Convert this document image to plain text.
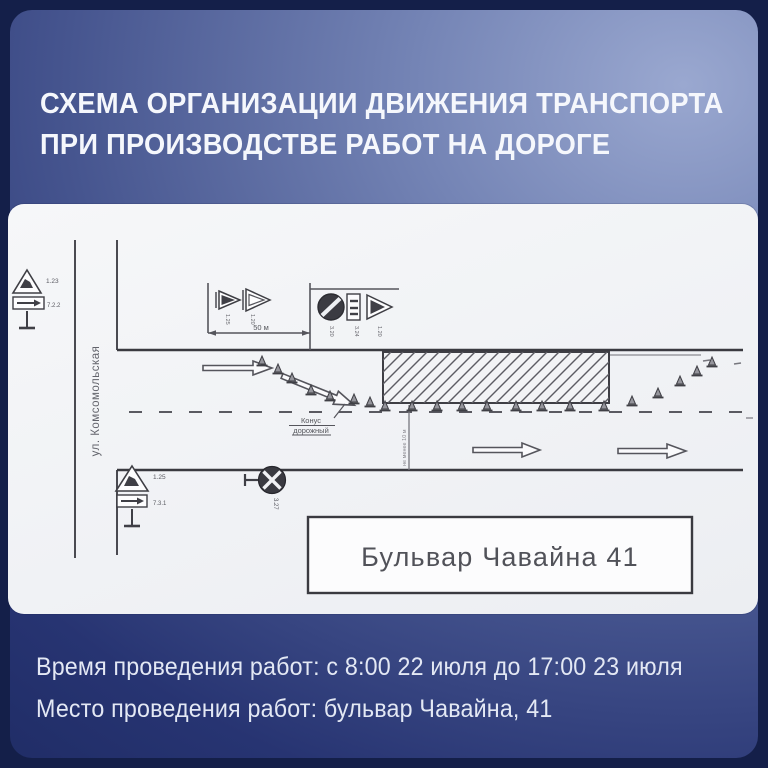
СХЕМА ОРГАНИЗАЦИИ ДВИЖЕНИЯ ТРАНСПОРТА
ПРИ ПРОИЗВОДСТВЕ РАБОТ НА ДОРОГЕ
ул. Комсомольская	не менее 10 м
Конус
дорожный
1.25	1.20
50 м	3.20	3.24	1.20
1.23
7.2.2
1.25
7.3.1	3.27
Бульвар Чавайна 41
Время проведения работ: с 8:00 22 июля до 17:00 23 июля
Место проведения работ: бульвар Чавайна, 41
